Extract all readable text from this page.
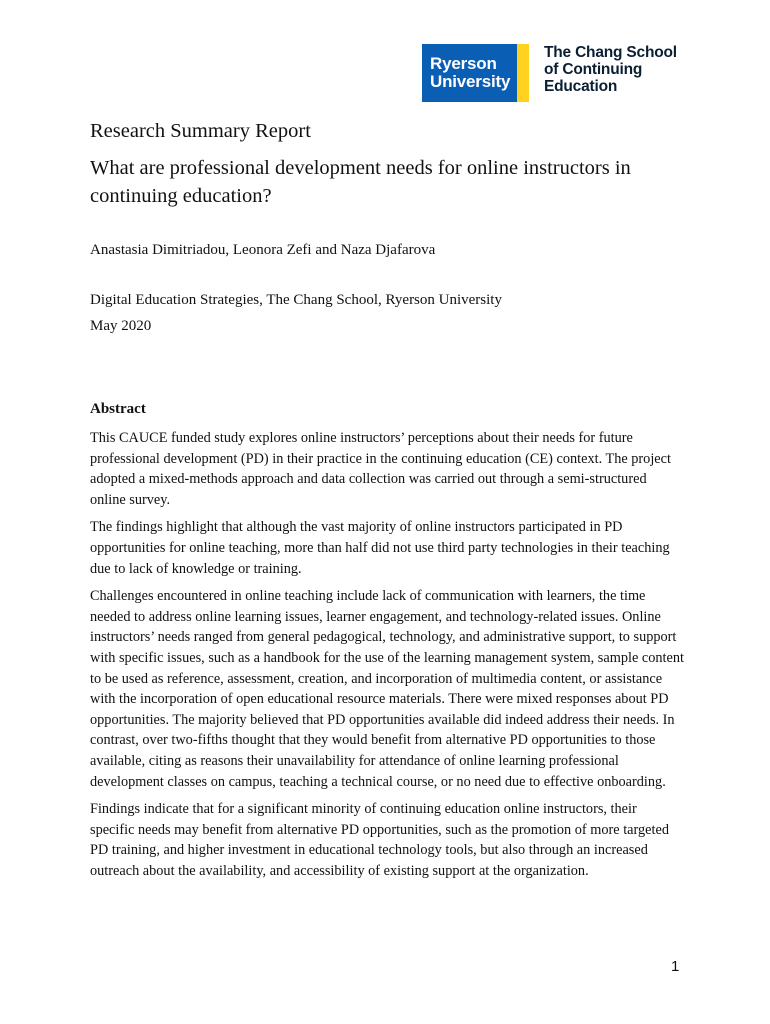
Ryerson
University
The Chang School
of Continuing
Education
Research Summary Report
What are professional development needs for online instructors in continuing education?
Anastasia Dimitriadou, Leonora Zefi and Naza Djafarova
Digital Education Strategies, The Chang School, Ryerson University
May 2020
Abstract

This CAUCE funded study explores online instructors’ perceptions about their needs for future professional development (PD) in their practice in the continuing education (CE) context. The project adopted a mixed-methods approach and data collection was carried out through a semi-structured online survey.

The findings highlight that although the vast majority of online instructors participated in PD opportunities for online teaching, more than half did not use third party technologies in their teaching due to lack of knowledge or training.

Challenges encountered in online teaching include lack of communication with learners, the time needed to address online learning issues, learner engagement, and technology-related issues. Online instructors’ needs ranged from general pedagogical, technology, and administrative support, to support with specific issues, such as a handbook for the use of the learning management system, sample content to be used as reference, assessment, creation, and incorporation of multimedia content, or assistance with the incorporation of open educational resource materials. There were mixed responses about PD opportunities. The majority believed that PD opportunities available did indeed address their needs. In contrast, over two-fifths thought that they would benefit from alternative PD opportunities to those available, citing as reasons their unavailability for attendance of online learning professional development classes on campus, teaching a technical course, or no need due to effective onboarding.

Findings indicate that for a significant minority of continuing education online instructors, their specific needs may benefit from alternative PD opportunities, such as the promotion of more targeted PD training, and higher investment in educational technology tools, but also through an increased outreach about the availability, and accessibility of existing support at the organization.

1
